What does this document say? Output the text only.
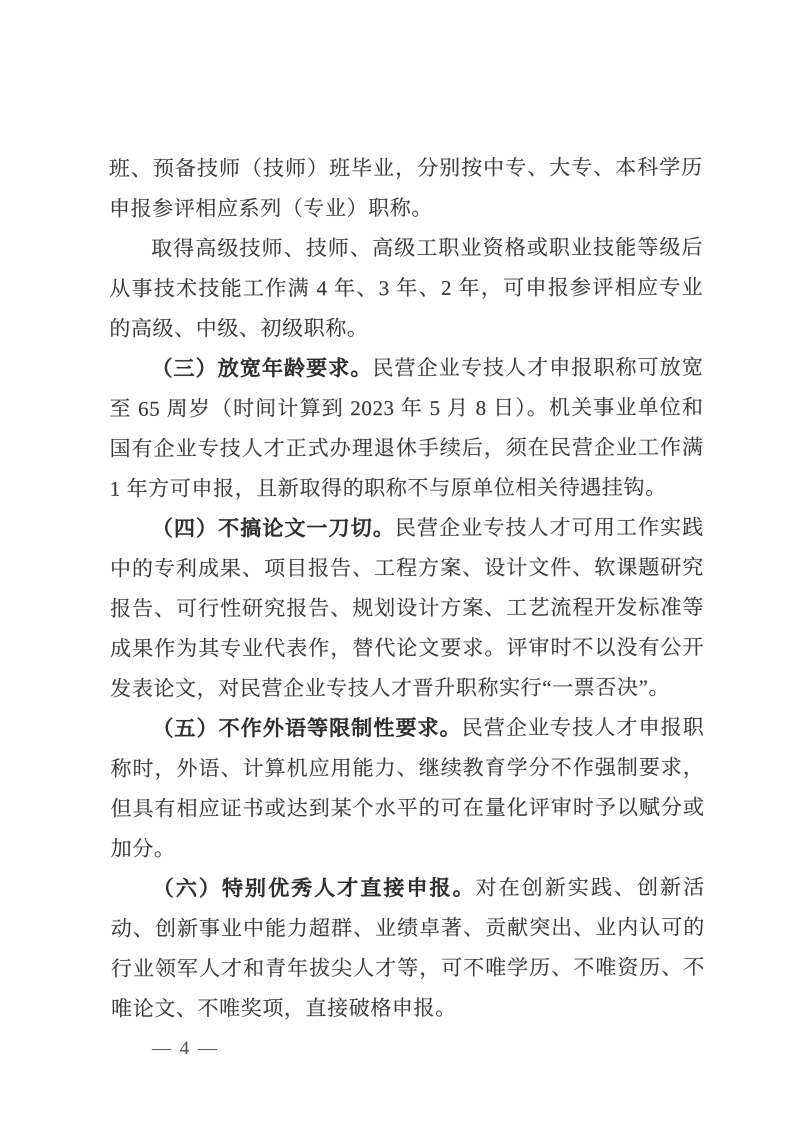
班、预备技师（技师）班毕业，分别按中专、大专、本科学历申报参评相应系列（专业）职称。

取得高级技师、技师、高级工职业资格或职业技能等级后从事技术技能工作满 4 年、3 年、2 年，可申报参评相应专业的高级、中级、初级职称。

（三）放宽年龄要求。民营企业专技人才申报职称可放宽至 65 周岁（时间计算到 2023 年 5 月 8 日）。机关事业单位和国有企业专技人才正式办理退休手续后，须在民营企业工作满 1 年方可申报，且新取得的职称不与原单位相关待遇挂钩。

（四）不搞论文一刀切。民营企业专技人才可用工作实践中的专利成果、项目报告、工程方案、设计文件、软课题研究报告、可行性研究报告、规划设计方案、工艺流程开发标准等成果作为其专业代表作，替代论文要求。评审时不以没有公开发表论文，对民营企业专技人才晋升职称实行“一票否决”。

（五）不作外语等限制性要求。民营企业专技人才申报职称时，外语、计算机应用能力、继续教育学分不作强制要求，但具有相应证书或达到某个水平的可在量化评审时予以赋分或加分。

（六）特别优秀人才直接申报。对在创新实践、创新活动、创新事业中能力超群、业绩卓著、贡献突出、业内认可的行业领军人才和青年拔尖人才等，可不唯学历、不唯资历、不唯论文、不唯奖项，直接破格申报。

— 4 —
